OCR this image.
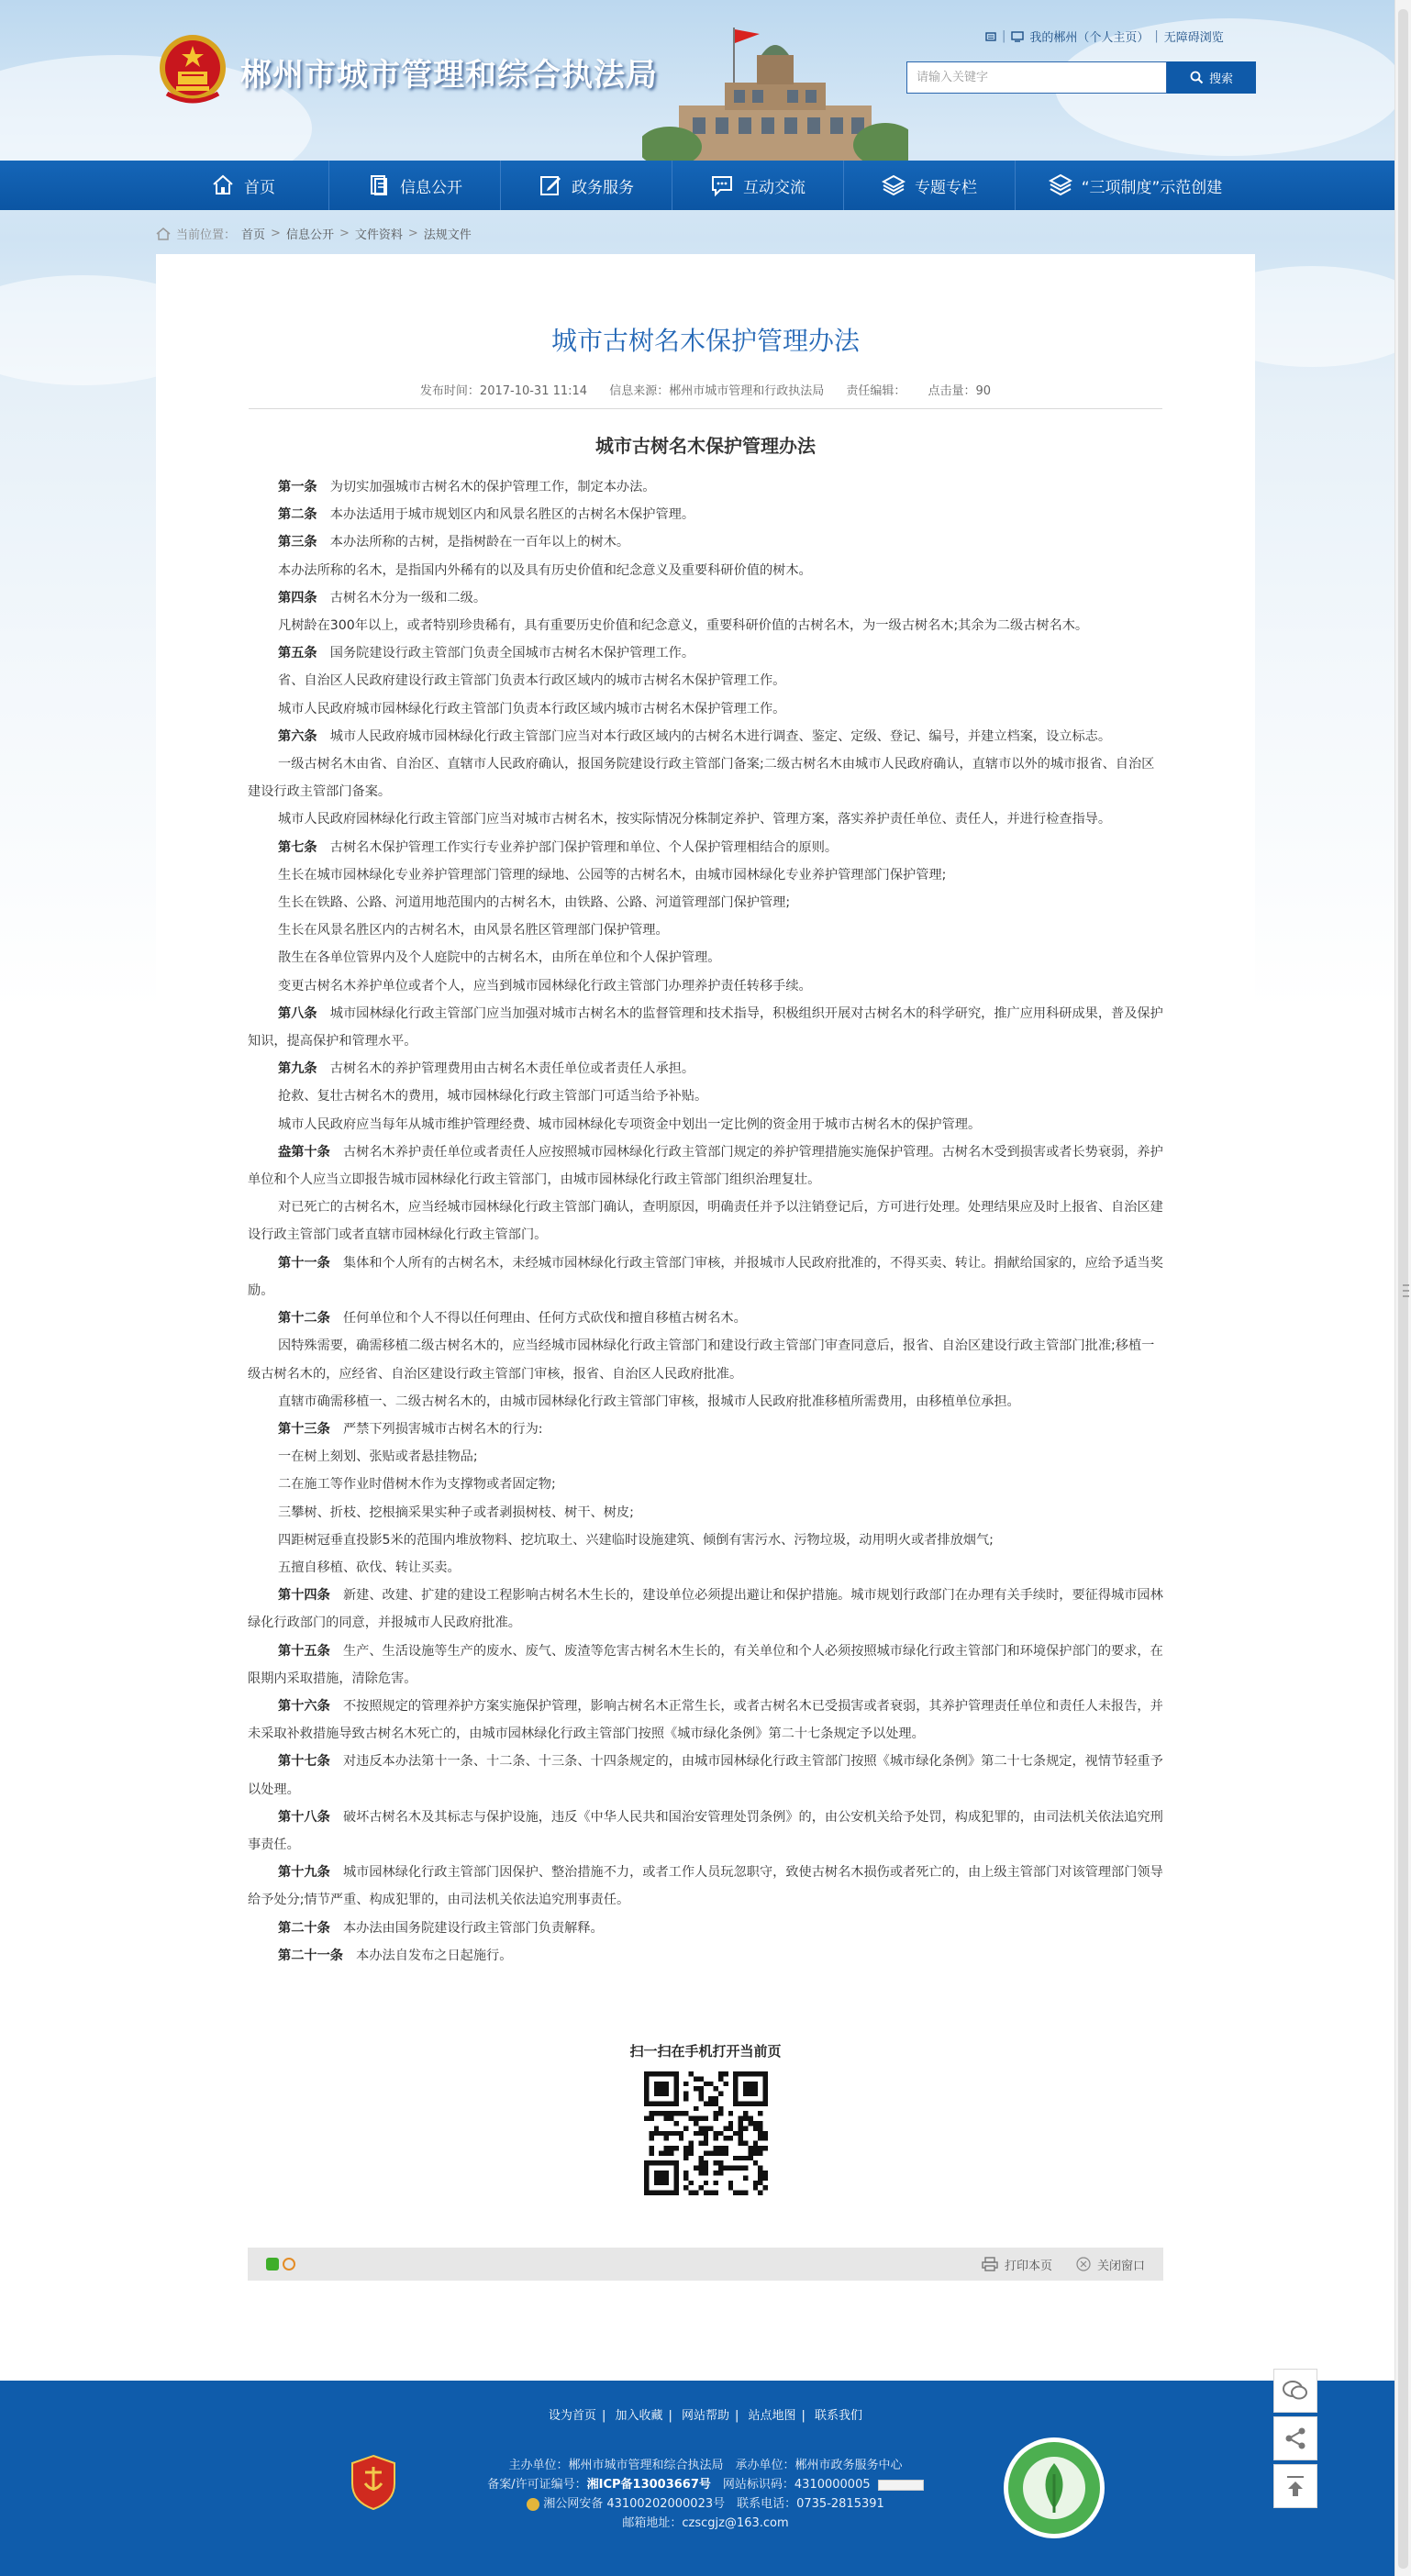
郴州市城市管理和综合执法局
| 我的郴州（个人主页） | 无障碍浏览
请输入关键字	搜索
首页	信息公开	政务服务	互动交流	专题专栏	“三项制度”示范创建
当前位置： 首页 > 信息公开 > 文件资料 > 法规文件
城市古树名木保护管理办法
发布时间：2017-10-31 11:14 信息来源：郴州市城市管理和行政执法局 责任编辑： 点击量：90
城市古树名木保护管理办法

第一条　为切实加强城市古树名木的保护管理工作，制定本办法。

第二条　本办法适用于城市规划区内和风景名胜区的古树名木保护管理。

第三条　本办法所称的古树，是指树龄在一百年以上的树木。

本办法所称的名木，是指国内外稀有的以及具有历史价值和纪念意义及重要科研价值的树木。

第四条　古树名木分为一级和二级。

凡树龄在300年以上，或者特别珍贵稀有，具有重要历史价值和纪念意义，重要科研价值的古树名木，为一级古树名木;其余为二级古树名木。

第五条　国务院建设行政主管部门负责全国城市古树名木保护管理工作。

省、自治区人民政府建设行政主管部门负责本行政区域内的城市古树名木保护管理工作。

城市人民政府城市园林绿化行政主管部门负责本行政区域内城市古树名木保护管理工作。

第六条　城市人民政府城市园林绿化行政主管部门应当对本行政区域内的古树名木进行调查、鉴定、定级、登记、编号，并建立档案，设立标志。

一级古树名木由省、自治区、直辖市人民政府确认，报国务院建设行政主管部门备案;二级古树名木由城市人民政府确认，直辖市以外的城市报省、自治区建设行政主管部门备案。

城市人民政府园林绿化行政主管部门应当对城市古树名木，按实际情况分株制定养护、管理方案，落实养护责任单位、责任人，并进行检查指导。

第七条　古树名木保护管理工作实行专业养护部门保护管理和单位、个人保护管理相结合的原则。

生长在城市园林绿化专业养护管理部门管理的绿地、公园等的古树名木，由城市园林绿化专业养护管理部门保护管理;

生长在铁路、公路、河道用地范围内的古树名木，由铁路、公路、河道管理部门保护管理;

生长在风景名胜区内的古树名木，由风景名胜区管理部门保护管理。

散生在各单位管界内及个人庭院中的古树名木，由所在单位和个人保护管理。

变更古树名木养护单位或者个人，应当到城市园林绿化行政主管部门办理养护责任转移手续。

第八条　城市园林绿化行政主管部门应当加强对城市古树名木的监督管理和技术指导，积极组织开展对古树名木的科学研究，推广应用科研成果，普及保护知识，提高保护和管理水平。

第九条　古树名木的养护管理费用由古树名木责任单位或者责任人承担。

抢救、复壮古树名木的费用，城市园林绿化行政主管部门可适当给予补贴。

城市人民政府应当每年从城市维护管理经费、城市园林绿化专项资金中划出一定比例的资金用于城市古树名木的保护管理。

盎第十条　古树名木养护责任单位或者责任人应按照城市园林绿化行政主管部门规定的养护管理措施实施保护管理。古树名木受到损害或者长势衰弱，养护单位和个人应当立即报告城市园林绿化行政主管部门，由城市园林绿化行政主管部门组织治理复壮。

对已死亡的古树名木，应当经城市园林绿化行政主管部门确认，查明原因，明确责任并予以注销登记后，方可进行处理。处理结果应及时上报省、自治区建设行政主管部门或者直辖市园林绿化行政主管部门。

第十一条　集体和个人所有的古树名木，未经城市园林绿化行政主管部门审核，并报城市人民政府批准的，不得买卖、转让。捐献给国家的，应给予适当奖励。

第十二条　任何单位和个人不得以任何理由、任何方式砍伐和擅自移植古树名木。

因特殊需要，确需移植二级古树名木的，应当经城市园林绿化行政主管部门和建设行政主管部门审查同意后，报省、自治区建设行政主管部门批准;移植一级古树名木的，应经省、自治区建设行政主管部门审核，报省、自治区人民政府批准。

直辖市确需移植一、二级古树名木的，由城市园林绿化行政主管部门审核，报城市人民政府批准移植所需费用，由移植单位承担。

第十三条　严禁下列损害城市古树名木的行为:

一在树上刻划、张贴或者悬挂物品;

二在施工等作业时借树木作为支撑物或者固定物;

三攀树、折枝、挖根摘采果实种子或者剥损树枝、树干、树皮;

四距树冠垂直投影5米的范围内堆放物料、挖坑取土、兴建临时设施建筑、倾倒有害污水、污物垃圾，动用明火或者排放烟气;

五擅自移植、砍伐、转让买卖。

第十四条　新建、改建、扩建的建设工程影响古树名木生长的，建设单位必须提出避让和保护措施。城市规划行政部门在办理有关手续时，要征得城市园林绿化行政部门的同意，并报城市人民政府批准。

第十五条　生产、生活设施等生产的废水、废气、废渣等危害古树名木生长的，有关单位和个人必须按照城市绿化行政主管部门和环境保护部门的要求，在限期内采取措施，清除危害。

第十六条　不按照规定的管理养护方案实施保护管理，影响古树名木正常生长，或者古树名木已受损害或者衰弱，其养护管理责任单位和责任人未报告，并未采取补救措施导致古树名木死亡的，由城市园林绿化行政主管部门按照《城市绿化条例》第二十七条规定予以处理。

第十七条　对违反本办法第十一条、十二条、十三条、十四条规定的，由城市园林绿化行政主管部门按照《城市绿化条例》第二十七条规定，视情节轻重予以处理。

第十八条　破坏古树名木及其标志与保护设施，违反《中华人民共和国治安管理处罚条例》的，由公安机关给予处罚，构成犯罪的，由司法机关依法追究刑事责任。

第十九条　城市园林绿化行政主管部门因保护、整治措施不力，或者工作人员玩忽职守，致使古树名木损伤或者死亡的，由上级主管部门对该管理部门领导给予处分;情节严重、构成犯罪的，由司法机关依法追究刑事责任。

第二十条　本办法由国务院建设行政主管部门负责解释。

第二十一条　本办法自发布之日起施行。

扫一扫在手机打开当前页
打印本页	关闭窗口
设为首页 | 加入收藏 | 网站帮助 | 站点地图 | 联系我们
主办单位：郴州市城市管理和综合执法局　承办单位：郴州市政务服务中心
备案/许可证编号：湘ICP备13003667号　网站标识码：4310000005
湘公网安备 43100202000023号　联系电话：0735-2815391
邮箱地址：czscgjz@163.com
